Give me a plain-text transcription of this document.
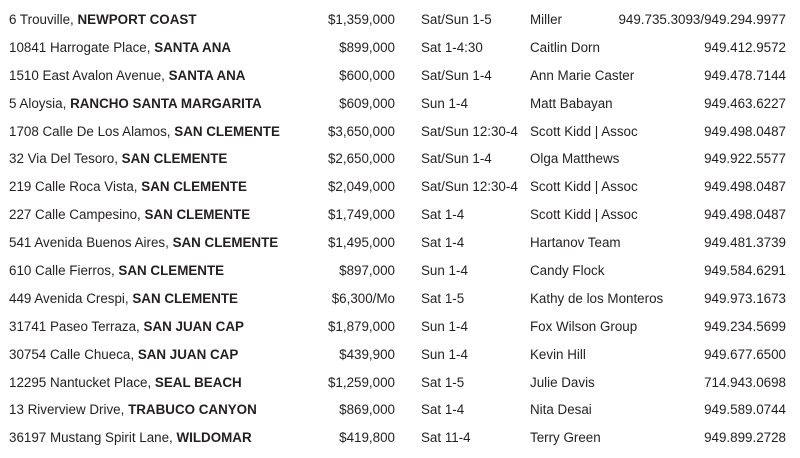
6 Trouville, NEWPORT COAST	$1,359,000 Sat/Sun 1-5	Miller	949.735.3093/949.294.9977
10841 Harrogate Place, SANTA ANA	$899,000 Sat 1-4:30	Caitlin Dorn	949.412.9572
1510 East Avalon Avenue, SANTA ANA	$600,000 Sat/Sun 1-4	Ann Marie Caster	949.478.7144
5 Aloysia, RANCHO SANTA MARGARITA	$609,000 Sun 1-4	Matt Babayan	949.463.6227
1708 Calle De Los Alamos, SAN CLEMENTE	$3,650,000 Sat/Sun 12:30-4 Scott Kidd | Assoc	949.498.0487
32 Via Del Tesoro, SAN CLEMENTE	$2,650,000 Sat/Sun 1-4	Olga Matthews	949.922.5577
219 Calle Roca Vista, SAN CLEMENTE	$2,049,000 Sat/Sun 12:30-4 Scott Kidd | Assoc	949.498.0487
227 Calle Campesino, SAN CLEMENTE	$1,749,000 Sat 1-4	Scott Kidd | Assoc	949.498.0487
541 Avenida Buenos Aires, SAN CLEMENTE	$1,495,000 Sat 1-4	Hartanov Team	949.481.3739
610 Calle Fierros, SAN CLEMENTE	$897,000 Sun 1-4	Candy Flock	949.584.6291
449 Avenida Crespi, SAN CLEMENTE	$6,300/Mo Sat 1-5	Kathy de los Monteros	949.973.1673
31741 Paseo Terraza, SAN JUAN CAP	$1,879,000 Sun 1-4	Fox Wilson Group	949.234.5699
30754 Calle Chueca, SAN JUAN CAP	$439,900 Sun 1-4	Kevin Hill	949.677.6500
12295 Nantucket Place, SEAL BEACH	$1,259,000 Sat 1-5	Julie Davis	714.943.0698
13 Riverview Drive, TRABUCO CANYON	$869,000 Sat 1-4	Nita Desai	949.589.0744
36197 Mustang Spirit Lane, WILDOMAR	$419,800 Sat 11-4	Terry Green	949.899.2728
